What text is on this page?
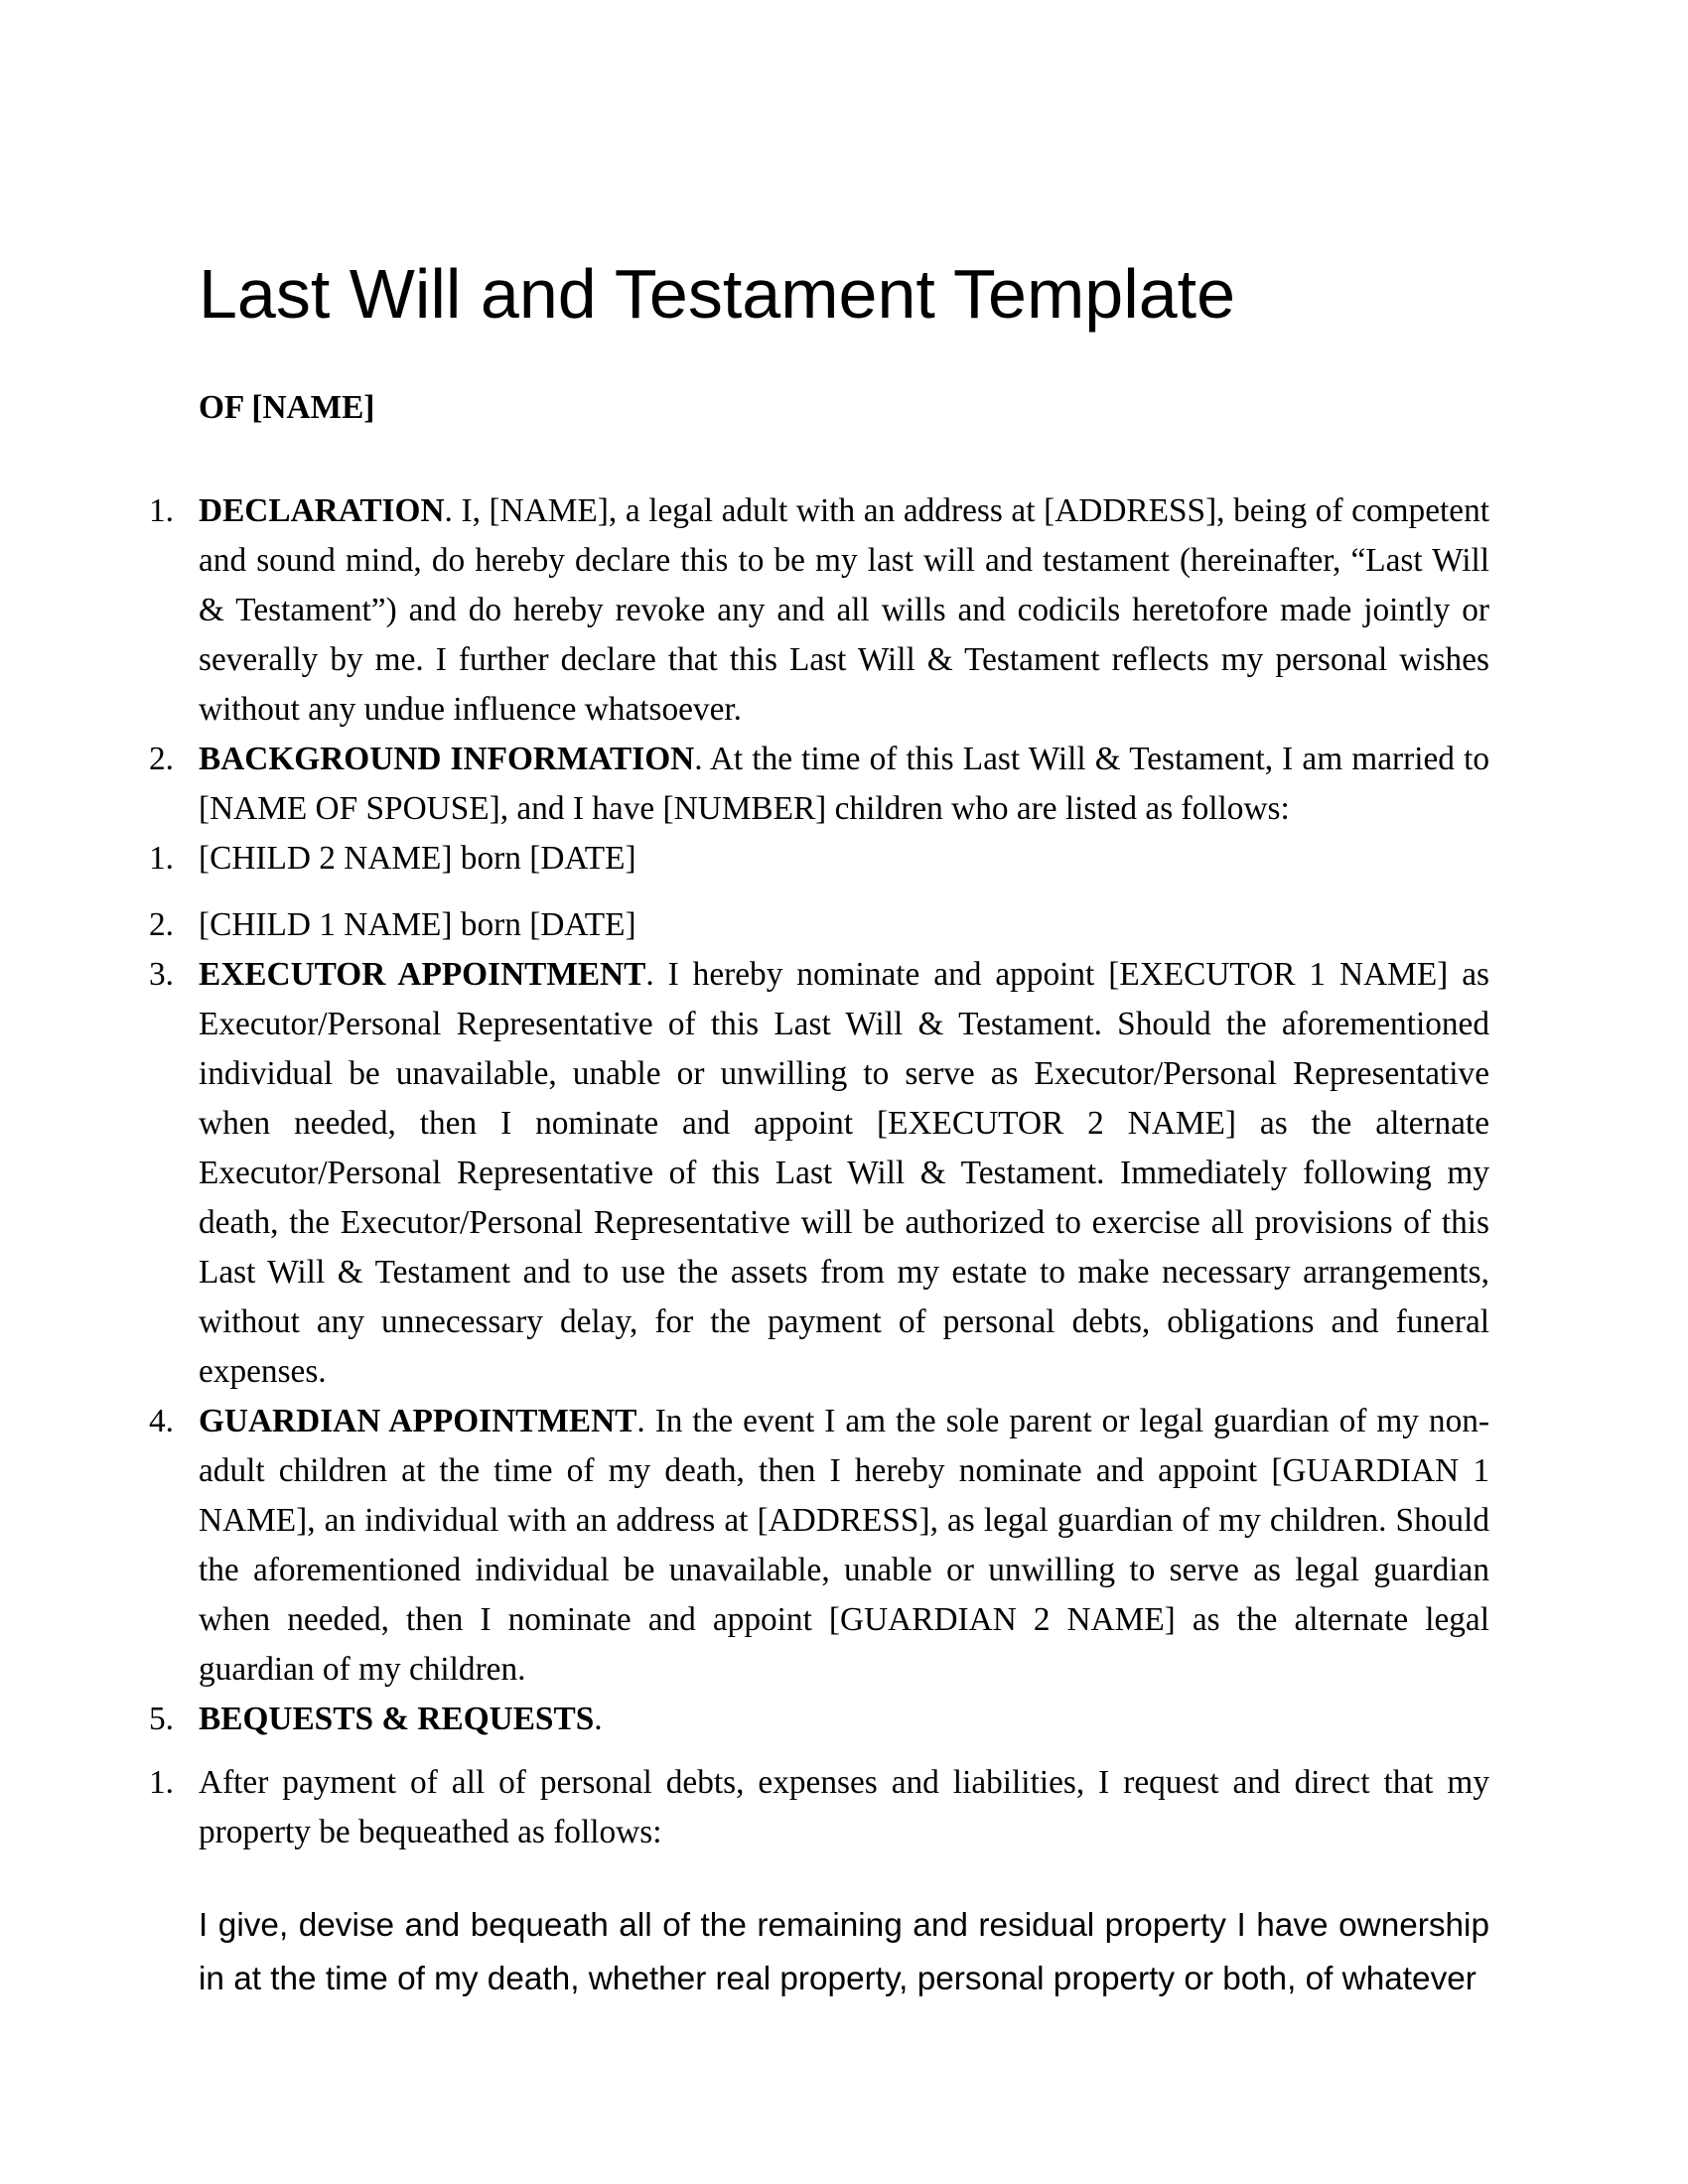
Last Will and Testament Template

OF [NAME]

1. DECLARATION. I, [NAME], a legal adult with an address at [ADDRESS], being of competent and sound mind, do hereby declare this to be my last will and testament (hereinafter, “Last Will & Testament”) and do hereby revoke any and all wills and codicils heretofore made jointly or severally by me. I further declare that this Last Will & Testament reflects my personal wishes without any undue influence whatsoever.
2. BACKGROUND INFORMATION. At the time of this Last Will & Testament, I am married to [NAME OF SPOUSE], and I have [NUMBER] children who are listed as follows:
1. [CHILD 2 NAME] born [DATE]
2. [CHILD 1 NAME] born [DATE]
3. EXECUTOR APPOINTMENT. I hereby nominate and appoint [EXECUTOR 1 NAME] as Executor/Personal Representative of this Last Will & Testament. Should the aforementioned individual be unavailable, unable or unwilling to serve as Executor/Personal Representative when needed, then I nominate and appoint [EXECUTOR 2 NAME] as the alternate Executor/Personal Representative of this Last Will & Testament. Immediately following my death, the Executor/Personal Representative will be authorized to exercise all provisions of this Last Will & Testament and to use the assets from my estate to make necessary arrangements, without any unnecessary delay, for the payment of personal debts, obligations and funeral expenses.
4. GUARDIAN APPOINTMENT. In the event I am the sole parent or legal guardian of my non-adult children at the time of my death, then I hereby nominate and appoint [GUARDIAN 1 NAME], an individual with an address at [ADDRESS], as legal guardian of my children. Should the aforementioned individual be unavailable, unable or unwilling to serve as legal guardian when needed, then I nominate and appoint [GUARDIAN 2 NAME] as the alternate legal guardian of my children.
5. BEQUESTS & REQUESTS.
1. After payment of all of personal debts, expenses and liabilities, I request and direct that my property be bequeathed as follows:

I give, devise and bequeath all of the remaining and residual property I have ownership in at the time of my death, whether real property, personal property or both, of whatever
